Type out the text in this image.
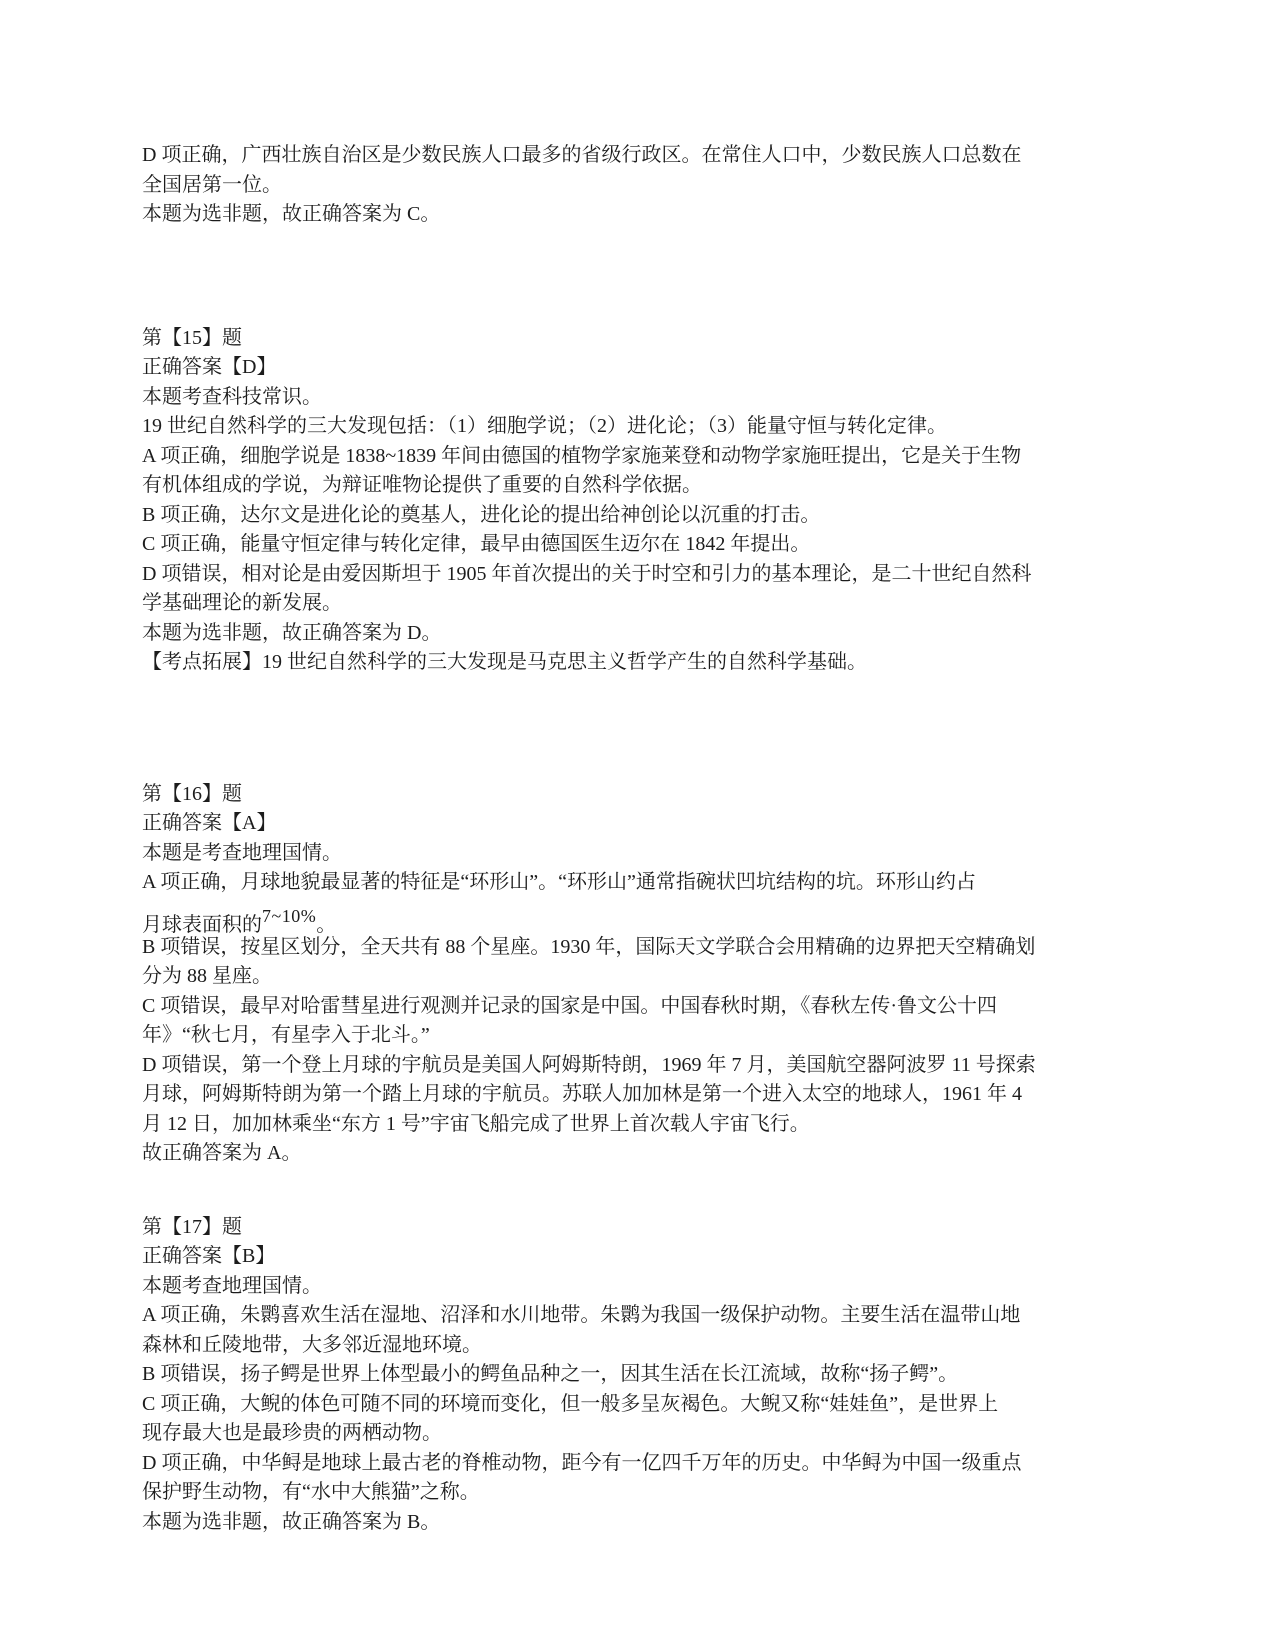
D 项正确，广西壮族自治区是少数民族人口最多的省级行政区。在常住人口中，少数民族人口总数在
全国居第一位。
本题为选非题，故正确答案为 C。
第【15】题
正确答案【D】
本题考查科技常识。
19 世纪自然科学的三大发现包括：（1）细胞学说；（2）进化论；（3）能量守恒与转化定律。
A 项正确，细胞学说是 1838~1839 年间由德国的植物学家施莱登和动物学家施旺提出，它是关于生物
有机体组成的学说，为辩证唯物论提供了重要的自然科学依据。
B 项正确，达尔文是进化论的奠基人，进化论的提出给神创论以沉重的打击。
C 项正确，能量守恒定律与转化定律，最早由德国医生迈尔在 1842 年提出。
D 项错误，相对论是由爱因斯坦于 1905 年首次提出的关于时空和引力的基本理论，是二十世纪自然科
学基础理论的新发展。
本题为选非题，故正确答案为 D。
【考点拓展】19 世纪自然科学的三大发现是马克思主义哲学产生的自然科学基础。
第【16】题
正确答案【A】
本题是考查地理国情。
A 项正确，月球地貌最显著的特征是“环形山”。“环形山”通常指碗状凹坑结构的坑。环形山约占
月球表面积的7~10%。
B 项错误，按星区划分，全天共有 88 个星座。1930 年，国际天文学联合会用精确的边界把天空精确划
分为 88 星座。
C 项错误，最早对哈雷彗星进行观测并记录的国家是中国。中国春秋时期，《春秋左传·鲁文公十四
年》“秋七月，有星孛入于北斗。”
D 项错误，第一个登上月球的宇航员是美国人阿姆斯特朗，1969 年 7 月，美国航空器阿波罗 11 号探索
月球，阿姆斯特朗为第一个踏上月球的宇航员。苏联人加加林是第一个进入太空的地球人，1961 年 4
月 12 日，加加林乘坐“东方 1 号”宇宙飞船完成了世界上首次载人宇宙飞行。
故正确答案为 A。
第【17】题
正确答案【B】
本题考查地理国情。
A 项正确，朱鹮喜欢生活在湿地、沼泽和水川地带。朱鹮为我国一级保护动物。主要生活在温带山地
森林和丘陵地带，大多邻近湿地环境。
B 项错误，扬子鳄是世界上体型最小的鳄鱼品种之一，因其生活在长江流域，故称“扬子鳄”。
C 项正确，大鲵的体色可随不同的环境而变化，但一般多呈灰褐色。大鲵又称“娃娃鱼”，是世界上
现存最大也是最珍贵的两栖动物。
D 项正确，中华鲟是地球上最古老的脊椎动物，距今有一亿四千万年的历史。中华鲟为中国一级重点
保护野生动物，有“水中大熊猫”之称。
本题为选非题，故正确答案为 B。
